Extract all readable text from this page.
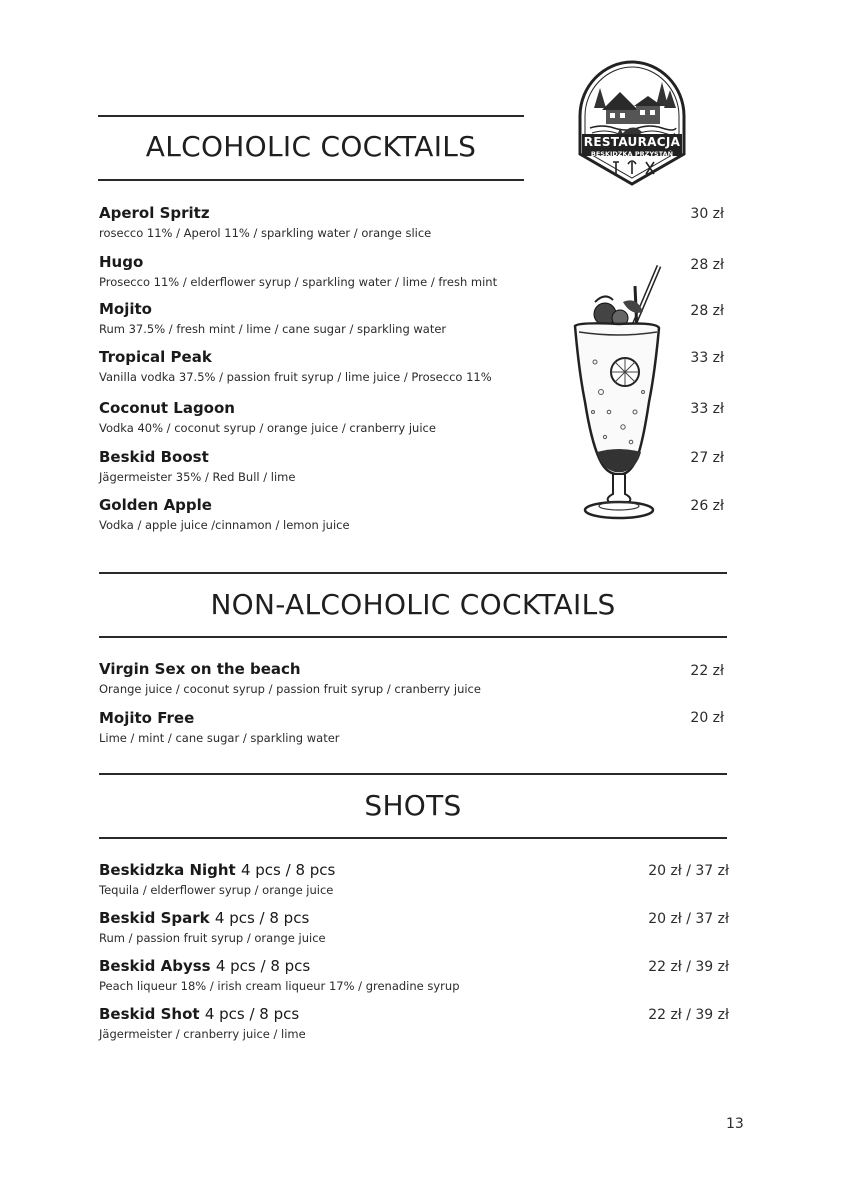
RESTAURACJA
BESKIDZKA PRZYSTAŃ
ALCOHOLIC COCKTAILS
Aperol Spritz
rosecco 11% / Aperol 11% / sparkling water / orange slice
30 zł
Hugo
Prosecco 11% / elderflower syrup / sparkling water / lime / fresh mint
28 zł
Mojito
Rum 37.5% / fresh mint / lime / cane sugar / sparkling water
28 zł
Tropical Peak
Vanilla vodka 37.5% / passion fruit syrup / lime juice / Prosecco 11%
33 zł
Coconut Lagoon
Vodka 40% / coconut syrup / orange juice / cranberry juice
33 zł
Beskid Boost
Jägermeister 35% / Red Bull / lime
27 zł
Golden Apple
Vodka / apple juice /cinnamon / lemon juice
26 zł
NON-ALCOHOLIC COCKTAILS
Virgin Sex on the beach
Orange juice / coconut syrup / passion fruit syrup / cranberry juice
22 zł
Mojito Free
Lime / mint / cane sugar / sparkling water
20 zł
SHOTS
Beskidzka Night 4 pcs / 8 pcs
Tequila / elderflower syrup / orange juice
20 zł / 37 zł
Beskid Spark 4 pcs / 8 pcs
Rum / passion fruit syrup / orange juice
20 zł / 37 zł
Beskid Abyss 4 pcs / 8 pcs
Peach liqueur 18% / irish cream liqueur 17% / grenadine syrup
22 zł / 39 zł
Beskid Shot 4 pcs / 8 pcs
Jägermeister / cranberry juice / lime
22 zł / 39 zł
13
